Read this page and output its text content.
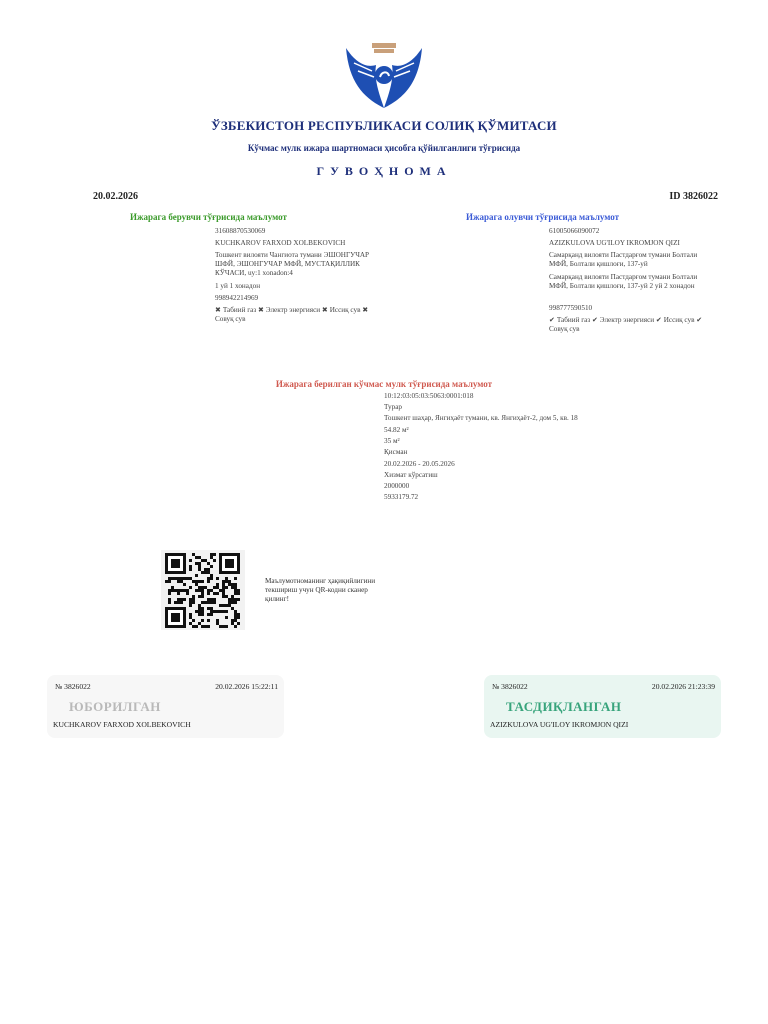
ЎЗБЕКИСТОН РЕСПУБЛИКАСИ СОЛИҚ ҚЎМИТАСИ
Кўчмас мулк ижара шартномаси ҳисобга қўйилганлиги тўғрисида
ГУВОҲНОМА
20.02.2026	ID 3826022
Ижарага берувчи тўғрисида маълумот
31608870530069
KUCHKAROV FARXOD XOLBEKOVICH
Тошкент вилояти Чангиота тумани ЭШОНГУЧАР ШФЙ, ЭШОНГУЧАР МФЙ, МУСТАҚИЛЛИК КЎЧАСИ, uy:1 xonadon:4
1 уй 1 хонадон
998942214969
✖ Табиий газ ✖ Электр энергияси ✖ Иссиқ сув ✖ Совуқ сув
Ижарага олувчи тўғрисида маълумот
61005066090072
AZIZKULOVA UG'ILOY IKROMJON QIZI
Самарқанд вилояти Пастдарғом тумани Болтали МФЙ, Болтали қишлоғи, 137-уй
Самарқанд вилояти Пастдарғом тумани Болтали МФЙ, Болтали қишлоғи, 137-уй 2 уй 2 хонадон
998777590510
✔ Табиий газ ✔ Электр энергияси ✔ Иссиқ сув ✔ Совуқ сув
Ижарага берилган кўчмас мулк тўғрисида маълумот
10:12:03:05:03:5063:0001:018
Турар
Тошкент шаҳар, Янгиҳаёт тумани, кв. Янгиҳаёт-2, дом 5, кв. 18
54.82 м²
35 м²
Қисман
20.02.2026 - 20.05.2026
Хизмат кўрсатиш
2000000
5933179.72
Маълумотномaнинг ҳақиқийлигини текшириш учун QR-кодни сканер қилинг!
№ 3826022	20.02.2026 15:22:11
ЮБОРИЛГАН
KUCHKAROV FARXOD XOLBEKOVICH
№ 3826022	20.02.2026 21:23:39
ТАСДИҚЛАНГАН
AZIZKULOVA UG'ILOY IKROMJON QIZI
